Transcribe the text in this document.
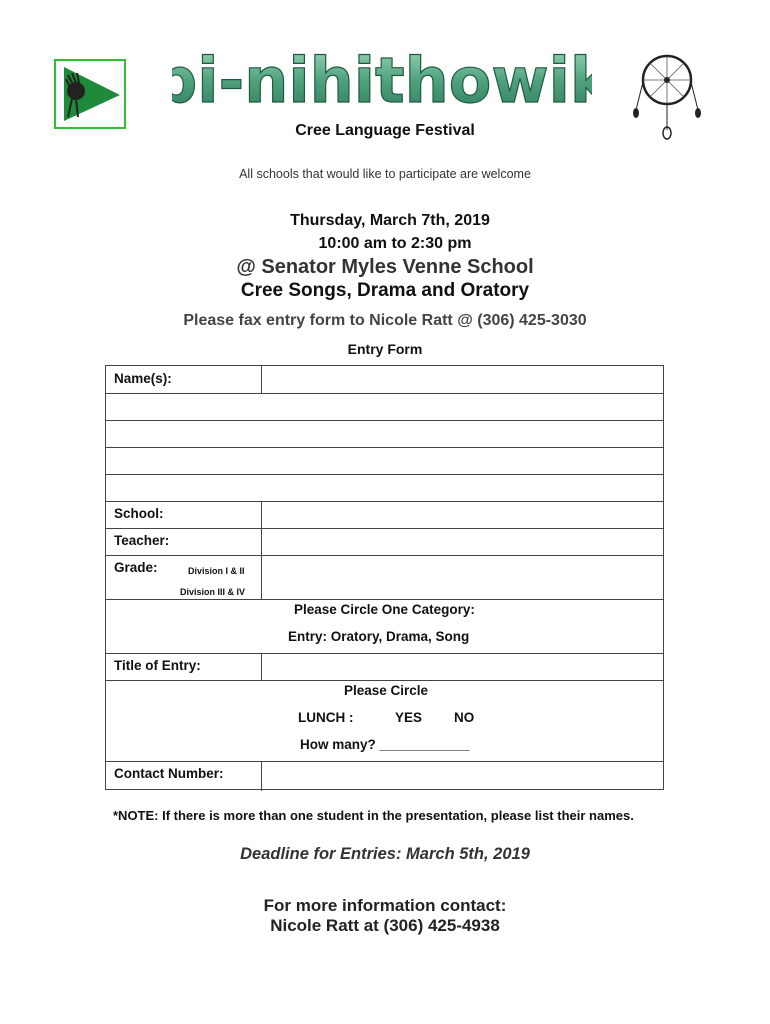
pi-nihithowik
Cree Language Festival
All schools that would like to participate are welcome
Thursday, March 7th, 2019
10:00 am to 2:30 pm
@ Senator Myles Venne School
Cree Songs, Drama and Oratory
Please fax entry form to Nicole Ratt @ (306) 425-3030
Entry Form
Name(s):
School:
Teacher:
Grade:	Division I & II
Division III & IV
Please Circle One Category:
Entry: Oratory, Drama, Song
Title of Entry:
Please Circle
LUNCH :	YES NO
How many? ____________
Contact Number:
*NOTE: If there is more than one student in the presentation, please list their names.
Deadline for Entries: March 5th, 2019
For more information contact:
Nicole Ratt at (306) 425-4938
